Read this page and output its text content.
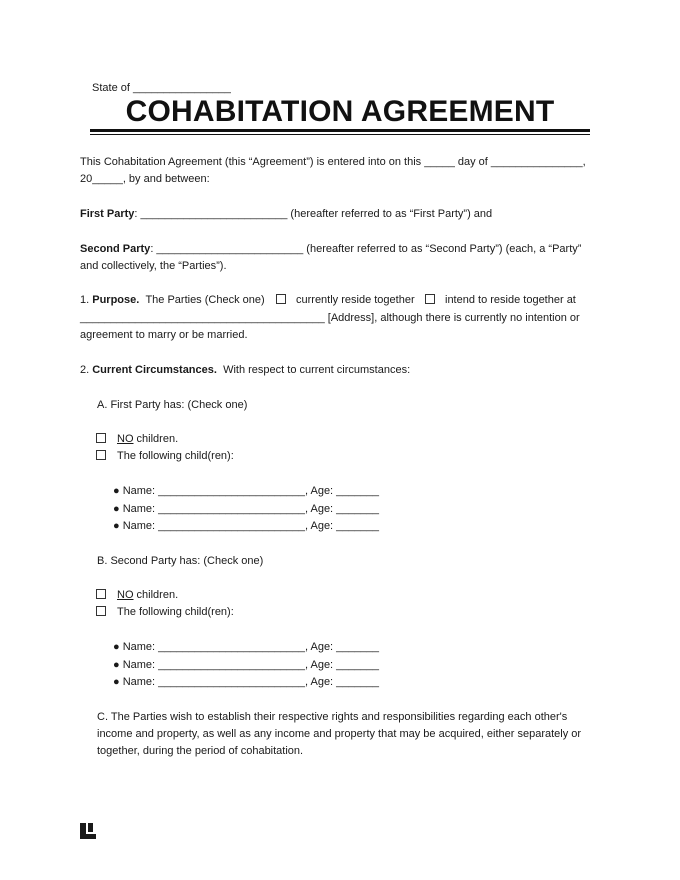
State of ________________
COHABITATION AGREEMENT
This Cohabitation Agreement (this “Agreement”) is entered into on this _____ day of _______________,
20_____, by and between:
First Party: ________________________ (hereafter referred to as “First Party”) and
Second Party: ________________________ (hereafter referred to as “Second Party”) (each, a “Party”
and collectively, the “Parties”).
1. Purpose. The Parties (Check one)	currently reside together	intend to reside together at
________________________________________ [Address], although there is currently no intention or
agreement to marry or be married.
2. Current Circumstances. With respect to current circumstances:
A. First Party has: (Check one)
NO children.
The following child(ren):
● Name: ________________________, Age: _______
● Name: ________________________, Age: _______
● Name: ________________________, Age: _______
B. Second Party has: (Check one)
NO children.
The following child(ren):
● Name: ________________________, Age: _______
● Name: ________________________, Age: _______
● Name: ________________________, Age: _______
C. The Parties wish to establish their respective rights and responsibilities regarding each other's
income and property, as well as any income and property that may be acquired, either separately or
together, during the period of cohabitation.
